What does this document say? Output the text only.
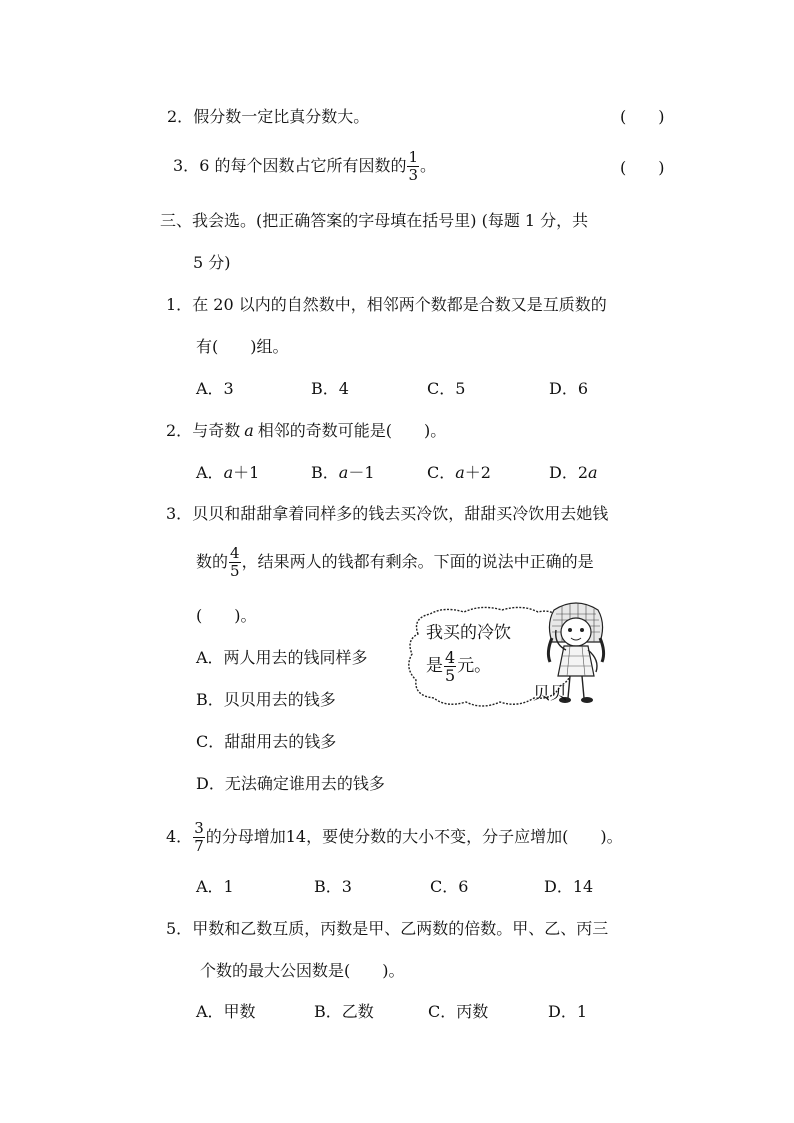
2．假分数一定比真分数大。	(　　)
3．6 的每个因数占它所有因数的 $\frac{1}{3}$ 。	(　　)
三、我会选。(把正确答案的字母填在括号里) (每题 1 分，共
5 分)
1．在 20 以内的自然数中，相邻两个数都是合数又是互质数的
有(　　)组。
A．3	B．4	C．5	D．6
2．与奇数 a 相邻的奇数可能是(　　)。
A．a＋1	B．a－1	C．a＋2	D．2a
3．贝贝和甜甜拿着同样多的钱去买冷饮，甜甜买冷饮用去她钱
数的 $\frac{4}{5}$ ，结果两人的钱都有剩余。下面的说法中正确的是
(　　)。
A．两人用去的钱同样多
B．贝贝用去的钱多
C．甜甜用去的钱多
D．无法确定谁用去的钱多
我买的冷饮
是 $\frac{4}{5}$ 元。
贝贝
4． $\frac{3}{7}$ 的分母增加14，要使分数的大小不变，分子应增加(　　)。
A．1	B．3	C．6	D．14
5．甲数和乙数互质，丙数是甲、乙两数的倍数。甲、乙、丙三
个数的最大公因数是(　　)。
A．甲数	B．乙数	C．丙数	D．1
